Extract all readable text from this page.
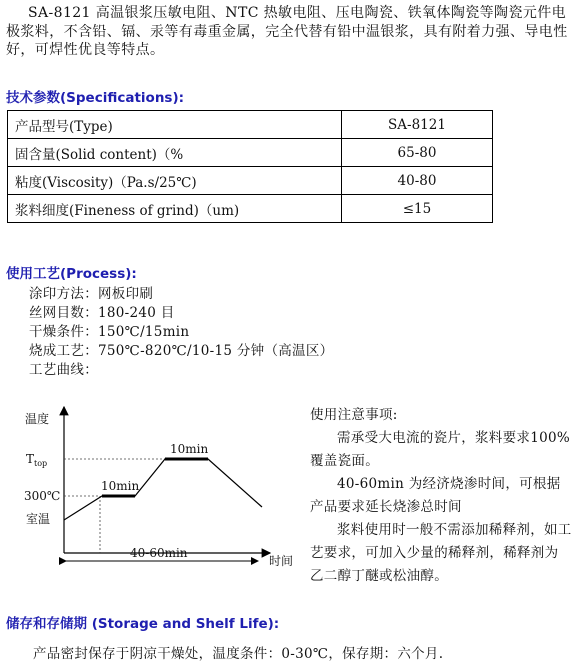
SA-8121 高温银浆压敏电阻、NTC 热敏电阻、压电陶瓷、铁氧体陶瓷等陶瓷元件电极浆料，不含铅、镉、汞等有毒重金属，完全代替有铅中温银浆，具有附着力强、导电性好，可焊性优良等特点。

技术参数(Specifications):
产品型号(Type)	SA-8121
固含量(Solid content)（%	65-80
粘度(Viscosity)（Pa.s/25℃)	40-80
浆料细度(Fineness of grind)（um)	≤15
使用工艺(Process):
涂印方法：网板印刷
丝网目数：180-240 目
干燥条件：150℃/15min
烧成工艺：750℃-820℃/10-15 分钟（高温区）
工艺曲线：
温度
时间
$T_{top}$
300℃
室温
10min
10min
40-60min

使用注意事项:

需承受大电流的瓷片，浆料要求100%覆盖瓷面。

40-60min 为经济烧渗时间，可根据产品要求延长烧渗总时间

浆料使用时一般不需添加稀释剂，如工艺要求，可加入少量的稀释剂，稀释剂为乙二醇丁醚或松油醇。

储存和存储期 (Storage and Shelf Life):
产品密封保存于阴凉干燥处，温度条件：0-30℃，保存期：六个月.
